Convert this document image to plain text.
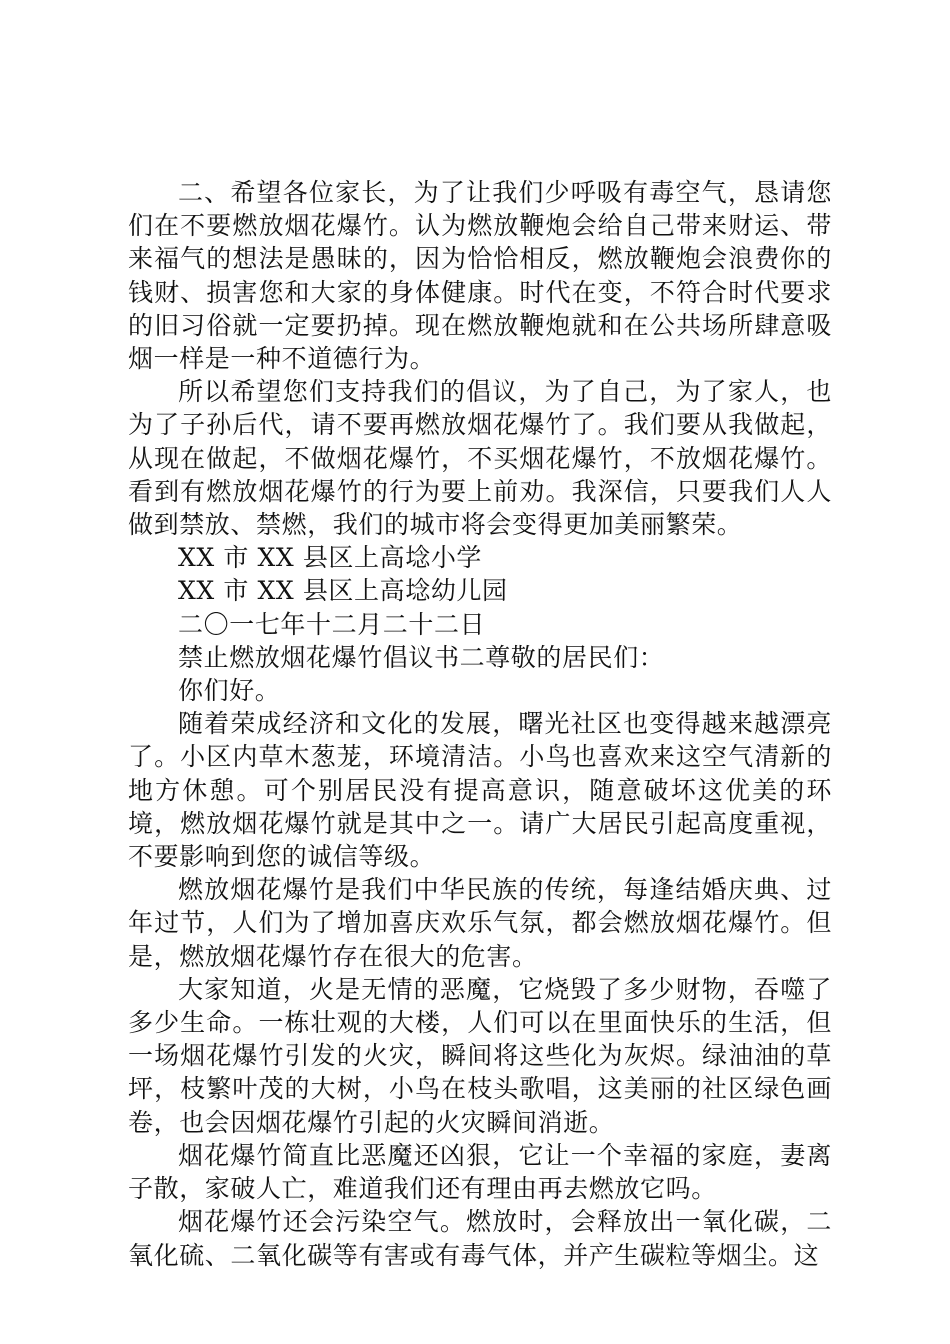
二、希望各位家长，为了让我们少呼吸有毒空气，恳请您们在不要燃放烟花爆竹。认为燃放鞭炮会给自己带来财运、带来福气的想法是愚昧的，因为恰恰相反，燃放鞭炮会浪费你的钱财、损害您和大家的身体健康。时代在变，不符合时代要求的旧习俗就一定要扔掉。现在燃放鞭炮就和在公共场所肆意吸烟一样是一种不道德行为。

所以希望您们支持我们的倡议，为了自己，为了家人，也为了子孙后代，请不要再燃放烟花爆竹了。我们要从我做起，从现在做起，不做烟花爆竹，不买烟花爆竹，不放烟花爆竹。看到有燃放烟花爆竹的行为要上前劝。我深信，只要我们人人做到禁放、禁燃，我们的城市将会变得更加美丽繁荣。

XX 市 XX 县区上高埝小学

XX 市 XX 县区上高埝幼儿园

二〇一七年十二月二十二日

禁止燃放烟花爆竹倡议书二尊敬的居民们：

你们好。

随着荣成经济和文化的发展，曙光社区也变得越来越漂亮了。小区内草木葱茏，环境清洁。小鸟也喜欢来这空气清新的地方休憩。可个别居民没有提高意识，随意破坏这优美的环境，燃放烟花爆竹就是其中之一。请广大居民引起高度重视，不要影响到您的诚信等级。

燃放烟花爆竹是我们中华民族的传统，每逢结婚庆典、过年过节，人们为了增加喜庆欢乐气氛，都会燃放烟花爆竹。但是，燃放烟花爆竹存在很大的危害。

大家知道，火是无情的恶魔，它烧毁了多少财物，吞噬了多少生命。一栋壮观的大楼，人们可以在里面快乐的生活，但一场烟花爆竹引发的火灾，瞬间将这些化为灰烬。绿油油的草坪，枝繁叶茂的大树，小鸟在枝头歌唱，这美丽的社区绿色画卷，也会因烟花爆竹引起的火灾瞬间消逝。

烟花爆竹简直比恶魔还凶狠，它让一个幸福的家庭，妻离子散，家破人亡，难道我们还有理由再去燃放它吗。

烟花爆竹还会污染空气。燃放时，会释放出一氧化碳，二氧化硫、二氧化碳等有害或有毒气体，并产生碳粒等烟尘。这
